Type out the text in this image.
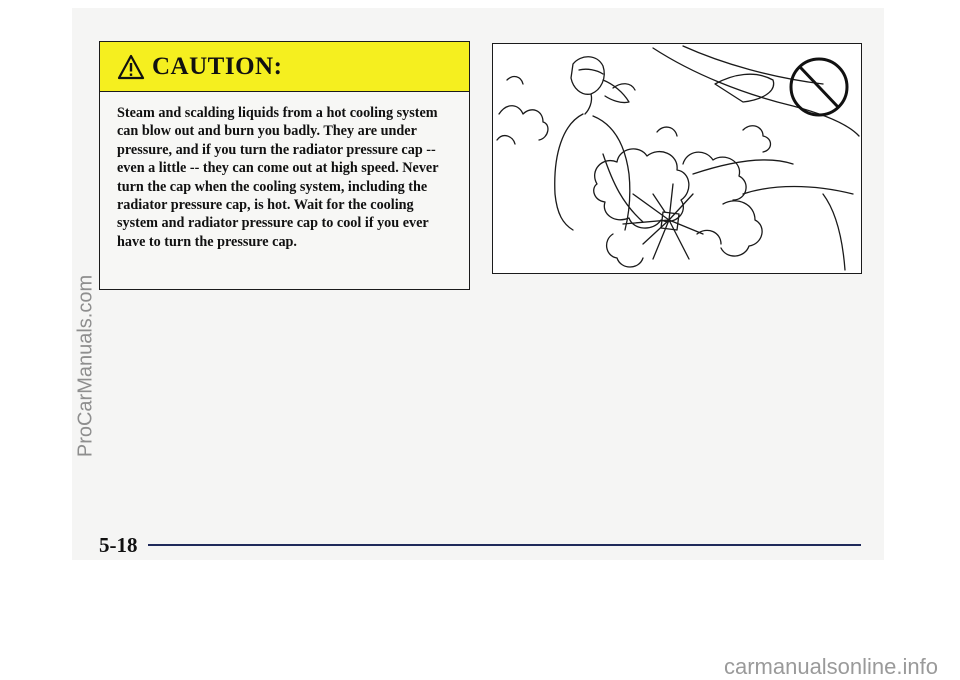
CAUTION:
Steam and scalding liquids from a hot cooling system can blow out and burn you badly. They are under pressure, and if you turn the radiator pressure cap -- even a little -- they can come out at high speed. Never turn the cap when the cooling system, including the radiator pressure cap, is hot. Wait for the cooling system and radiator pressure cap to cool if you ever have to turn the pressure cap.
5-18
ProCarManuals.com
carmanualsonline.info
